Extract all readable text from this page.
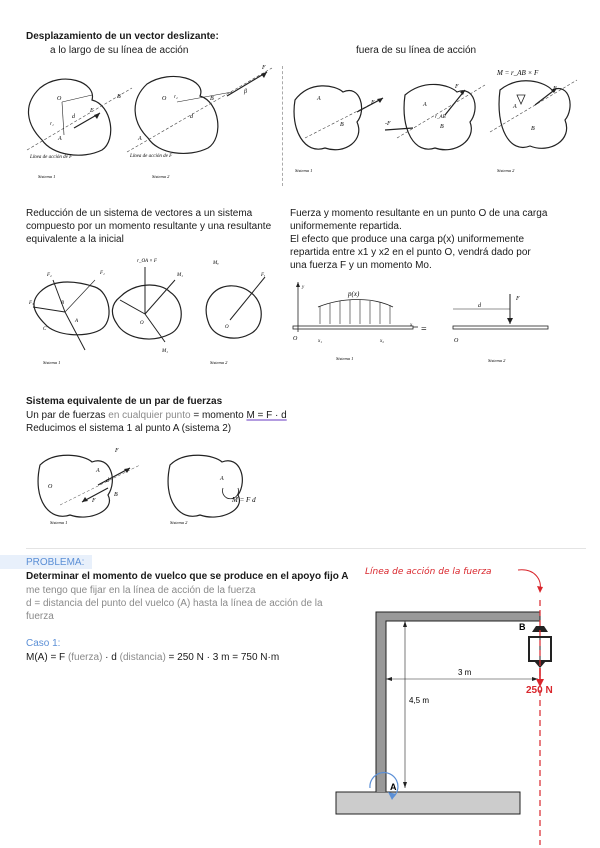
Desplazamiento de un vector deslizante:
a lo largo de su línea de acción	fuera de su línea de acción
O	B
F
d
A
r₁
O r₂
d
B
β
F
A
Línea de acción de F	Línea de acción de F
Sistema 1	Sistema 2
A
B
F	A
r_AB
B
F
-F
A
F
B
M = r_AB × F
Sistema 1	Sistema 2
Reducción de un sistema de vectores a un sistema
compuesto por un momento resultante y una resultante
equivalente a la inicial
Fuerza y momento resultante en un punto O de una carga
uniformemente repartida.
El efecto que produce una carga p(x) uniformemente
repartida entre x1 y x2 en el punto O, vendrá dado por
una fuerza F y un momento Mo.
F₂
F₃	B
A
C
F₁
r_OA × F
M₁
O
M₁
Mₒ
Fᵣ
O
Sistema 1	Sistema 2
y
p(x)
x
O	x₁	x₂
=
O
d
F
Sistema 1	Sistema 2
Sistema equivalente de un par de fuerzas
Un par de fuerzas en cualquier punto = momento M = F · d
Reducimos el sistema 1 al punto A (sistema 2)
O
A
d
B
F
F
A
M = F d
Sistema 1	Sistema 2
PROBLEMA:
Determinar el momento de vuelco que se produce en el apoyo fijo A
me tengo que fijar en la línea de acción de la fuerza
d = distancia del punto del vuelco (A) hasta la línea de acción de la
fuerza
Caso 1:
M(A) = F (fuerza) · d (distancia) = 250 N · 3 m = 750 N·m
Línea de acción de la fuerza
B
A
3 m
4,5 m
250 N
